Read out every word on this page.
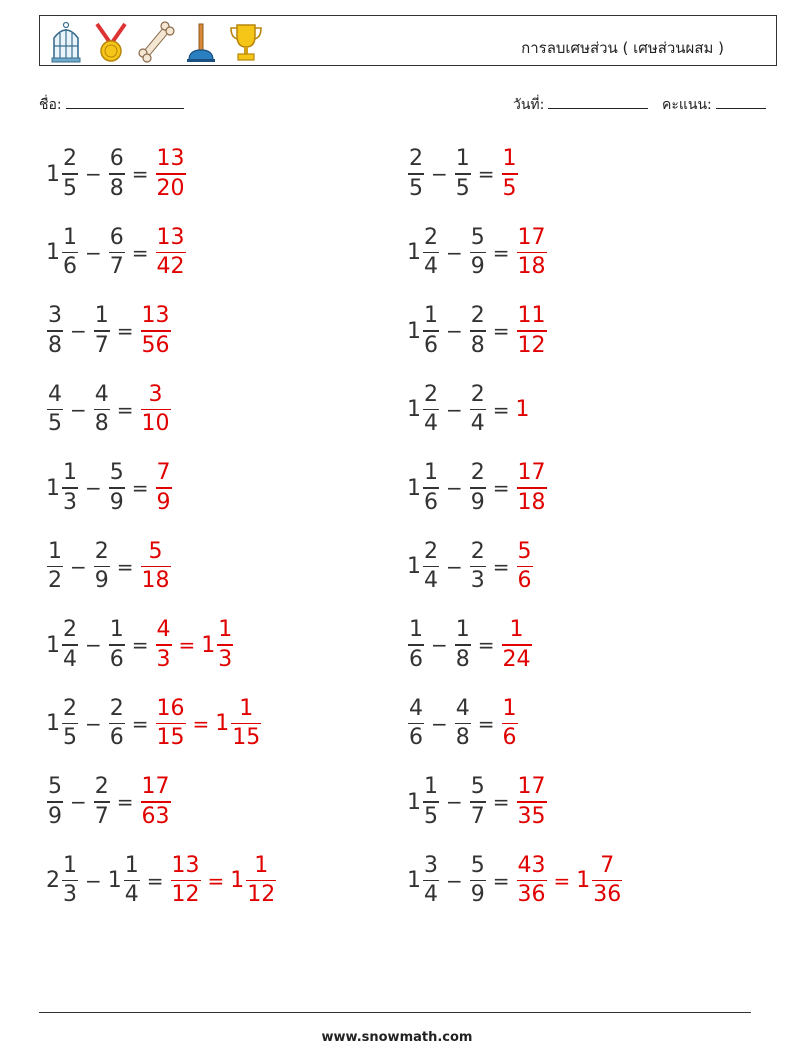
การลบเศษส่วน ( เศษส่วนผสม )
ชื่อ:	วันที่:	คะแนน:
$1 \frac{2}{5} - \frac{6}{8} = \frac{13}{20}$	$\frac{2}{5} - \frac{1}{5} = \frac{1}{5}$
$1 \frac{1}{6} - \frac{6}{7} = \frac{13}{42}$	$1 \frac{2}{4} - \frac{5}{9} = \frac{17}{18}$
$\frac{3}{8} - \frac{1}{7} = \frac{13}{56}$	$1 \frac{1}{6} - \frac{2}{8} = \frac{11}{12}$
$\frac{4}{5} - \frac{4}{8} = \frac{3}{10}$	$1 \frac{2}{4} - \frac{2}{4} = 1$
$1 \frac{1}{3} - \frac{5}{9} = \frac{7}{9}$	$1 \frac{1}{6} - \frac{2}{9} = \frac{17}{18}$
$\frac{1}{2} - \frac{2}{9} = \frac{5}{18}$	$1 \frac{2}{4} - \frac{2}{3} = \frac{5}{6}$
$1 \frac{2}{4} - \frac{1}{6} = \frac{4}{3} = 1 \frac{1}{3}$	$\frac{1}{6} - \frac{1}{8} = \frac{1}{24}$
$1 \frac{2}{5} - \frac{2}{6} = \frac{16}{15} = 1 \frac{1}{15}$	$\frac{4}{6} - \frac{4}{8} = \frac{1}{6}$
$\frac{5}{9} - \frac{2}{7} = \frac{17}{63}$	$1 \frac{1}{5} - \frac{5}{7} = \frac{17}{35}$
$2 \frac{1}{3} - 1 \frac{1}{4} = \frac{13}{12} = 1 \frac{1}{12}$	$1 \frac{3}{4} - \frac{5}{9} = \frac{43}{36} = 1 \frac{7}{36}$
www.snowmath.com
